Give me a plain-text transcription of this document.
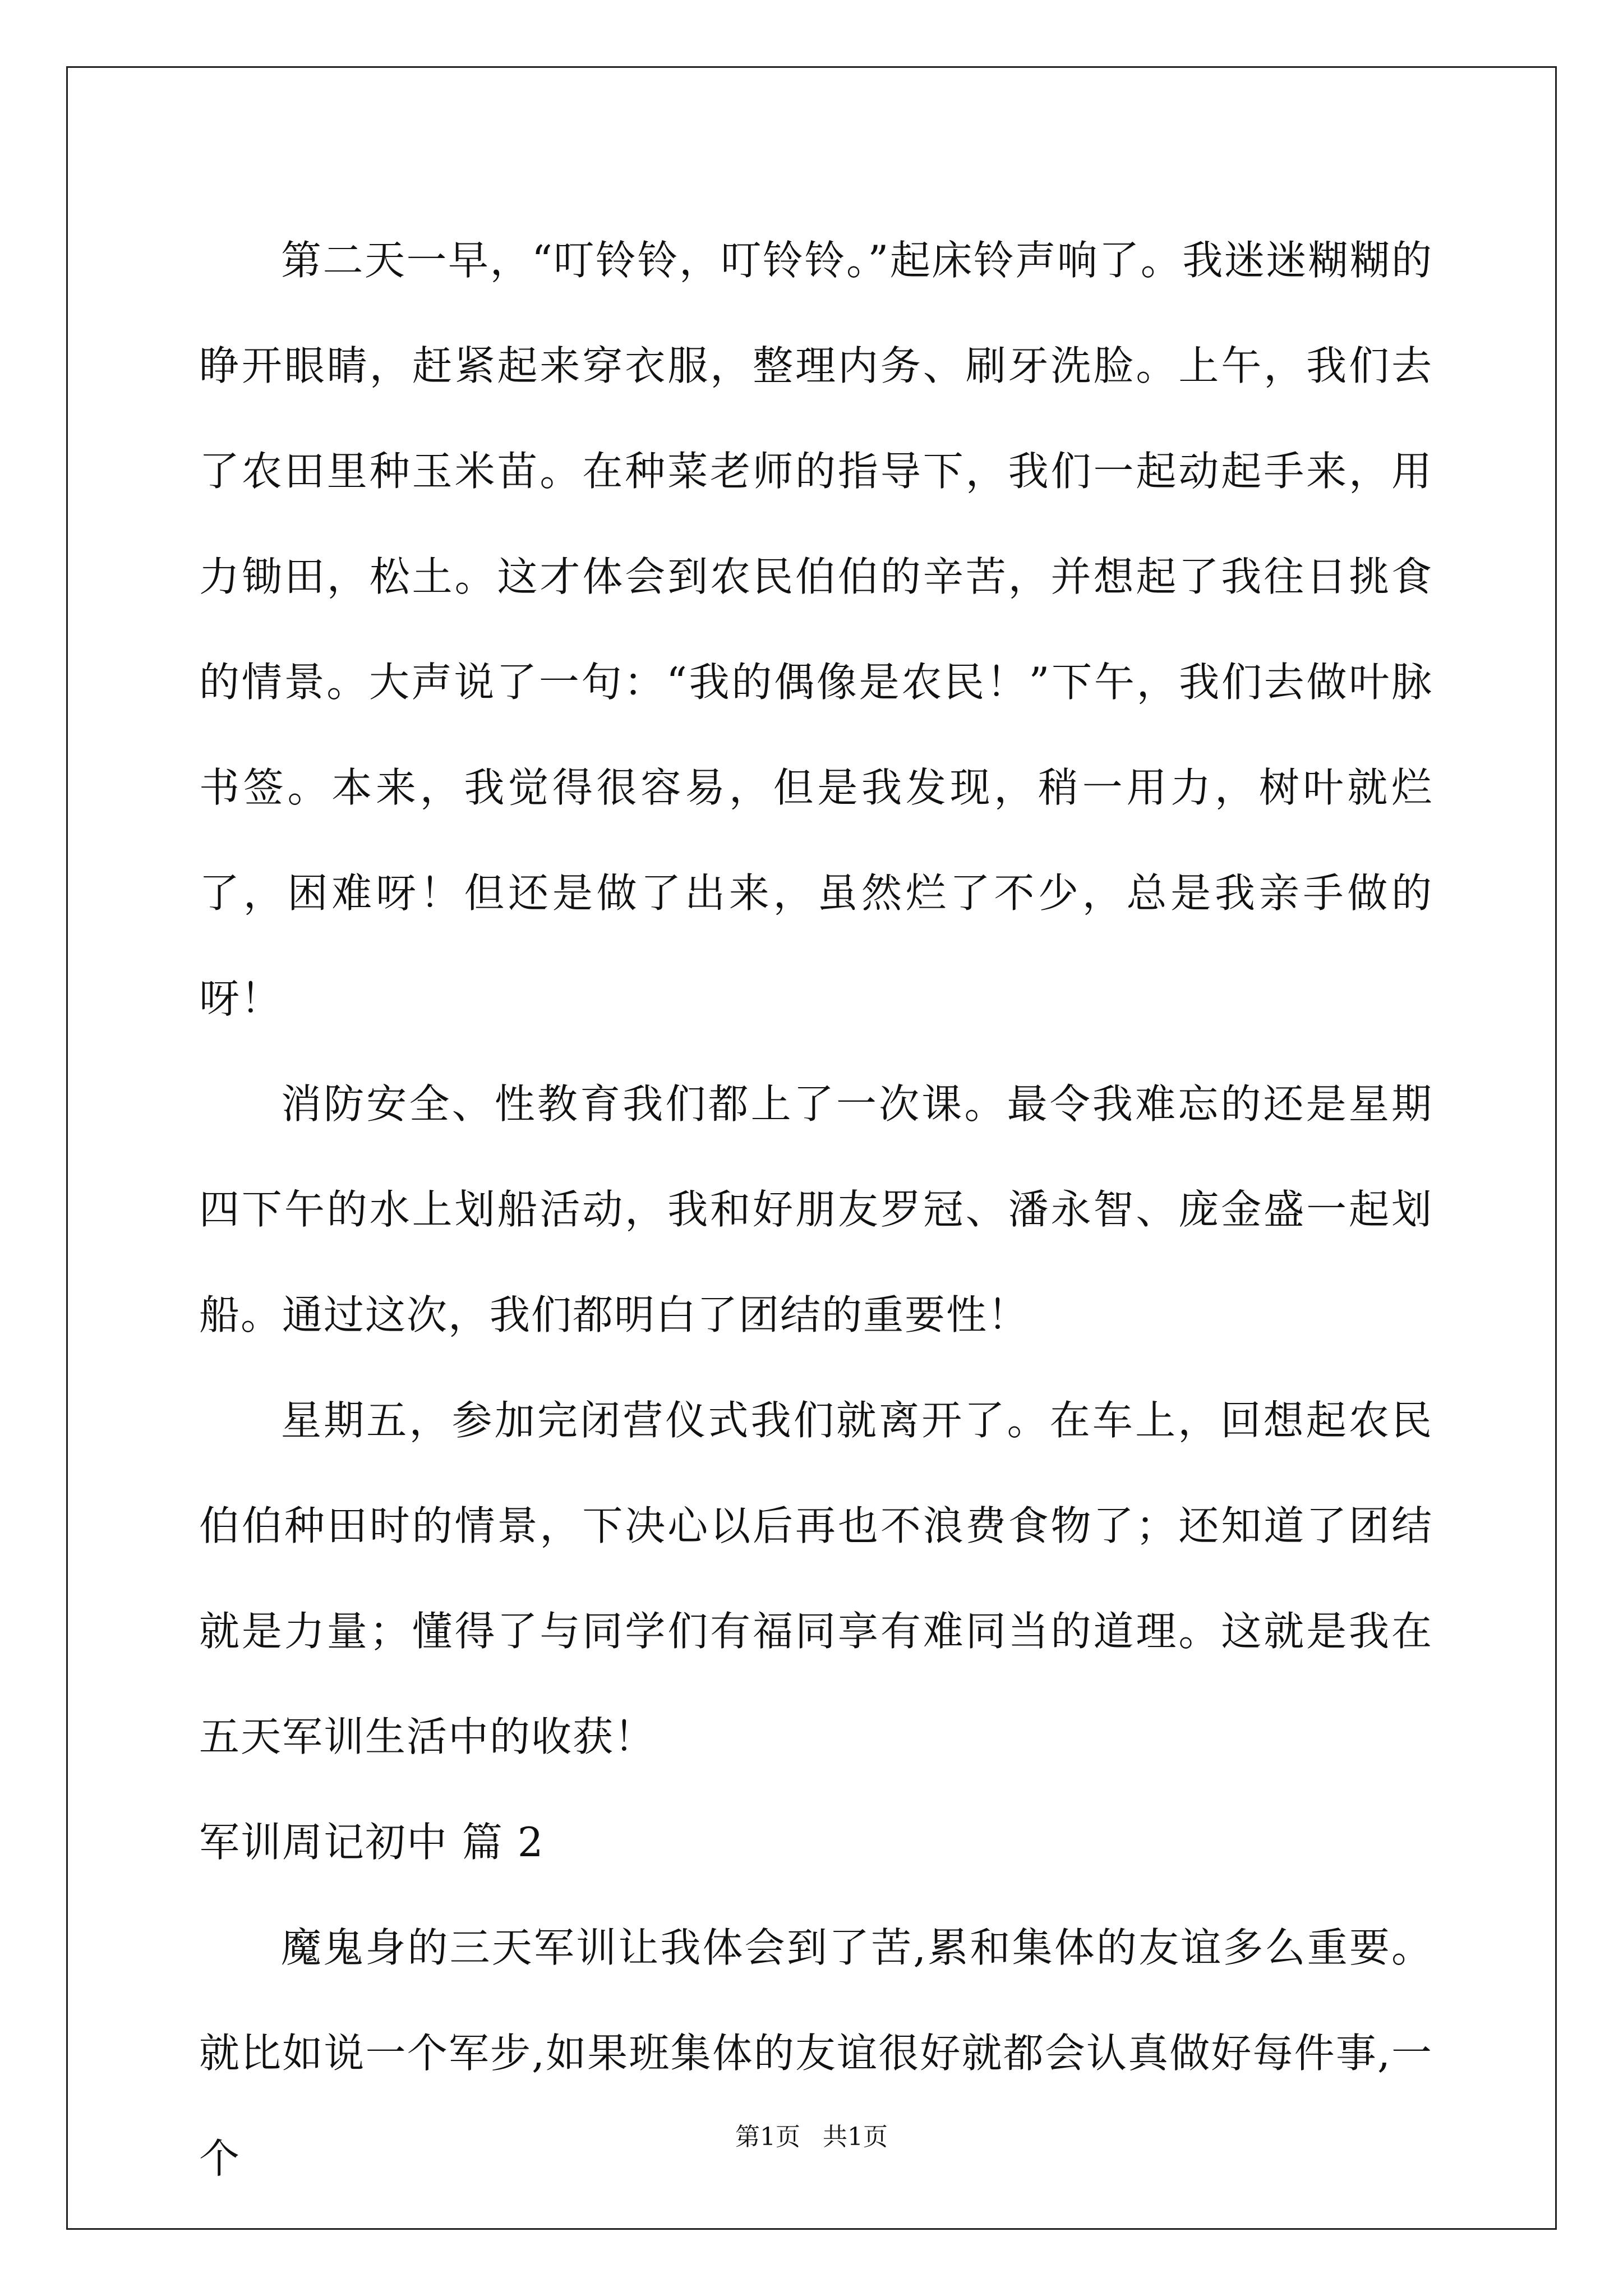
第二天一早，“叮铃铃，叮铃铃。”起床铃声响了。我迷迷糊糊的睁开眼睛，赶紧起来穿衣服，整理内务、刷牙洗脸。上午，我们去了农田里种玉米苗。在种菜老师的指导下，我们一起动起手来，用力锄田，松土。这才体会到农民伯伯的辛苦，并想起了我往日挑食的情景。大声说了一句：“我的偶像是农民！”下午，我们去做叶脉书签。本来，我觉得很容易，但是我发现，稍一用力，树叶就烂了，困难呀！但还是做了出来，虽然烂了不少，总是我亲手做的呀！

消防安全、性教育我们都上了一次课。最令我难忘的还是星期四下午的水上划船活动，我和好朋友罗冠、潘永智、庞金盛一起划船。通过这次，我们都明白了团结的重要性！

星期五，参加完闭营仪式我们就离开了。在车上，回想起农民伯伯种田时的情景，下决心以后再也不浪费食物了；还知道了团结就是力量；懂得了与同学们有福同享有难同当的道理。这就是我在五天军训生活中的收获！

军训周记初中 篇 2

魔鬼身的三天军训让我体会到了苦,累和集体的友谊多么重要。就比如说一个军步,如果班集体的友谊很好就都会认真做好每件事,一个	第1页 共1页
